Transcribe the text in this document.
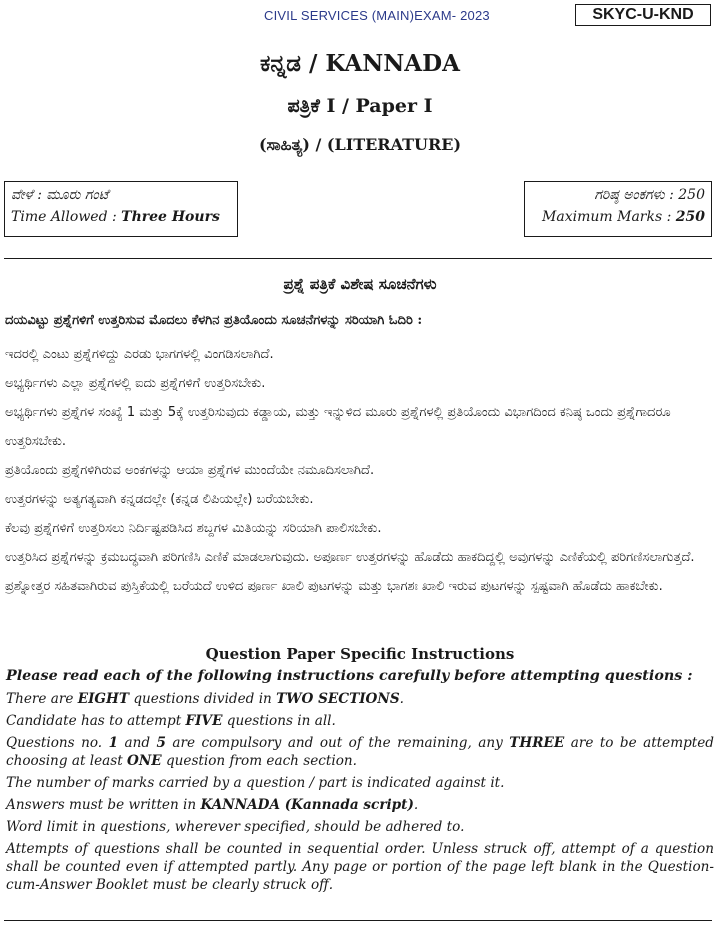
CIVIL SERVICES (MAIN)EXAM- 2023	SKYC-U-KND
ಕನ್ನಡ / KANNADA
ಪತ್ರಿಕೆ I / Paper I
(ಸಾಹಿತ್ಯ) / (LITERATURE)
ವೇಳೆ : ಮೂರು ಗಂಟೆ
Time Allowed : Three Hours
ಗರಿಷ್ಠ ಅಂಕಗಳು : 250
Maximum Marks : 250
ಪ್ರಶ್ನೆ ಪತ್ರಿಕೆ ವಿಶೇಷ ಸೂಚನೆಗಳು
ದಯವಿಟ್ಟು ಪ್ರಶ್ನೆಗಳಿಗೆ ಉತ್ತರಿಸುವ ಮೊದಲು ಕೆಳಗಿನ ಪ್ರತಿಯೊಂದು ಸೂಚನೆಗಳನ್ನು ಸರಿಯಾಗಿ ಓದಿರಿ :

ಇದರಲ್ಲಿ ಎಂಟು ಪ್ರಶ್ನೆಗಳಿದ್ದು ಎರಡು ಭಾಗಗಳಲ್ಲಿ ವಿಂಗಡಿಸಲಾಗಿದೆ.

ಅಭ್ಯರ್ಥಿಗಳು ಎಲ್ಲಾ ಪ್ರಶ್ನೆಗಳಲ್ಲಿ ಐದು ಪ್ರಶ್ನೆಗಳಿಗೆ ಉತ್ತರಿಸಬೇಕು.

ಅಭ್ಯರ್ಥಿಗಳು ಪ್ರಶ್ನೆಗಳ ಸಂಖ್ಯೆ 1 ಮತ್ತು 5ಕ್ಕೆ ಉತ್ತರಿಸುವುದು ಕಡ್ಡಾಯ, ಮತ್ತು ಇನ್ನುಳಿದ ಮೂರು ಪ್ರಶ್ನೆಗಳಲ್ಲಿ ಪ್ರತಿಯೊಂದು ವಿಭಾಗದಿಂದ ಕನಿಷ್ಠ ಒಂದು ಪ್ರಶ್ನೆಗಾದರೂ ಉತ್ತರಿಸಬೇಕು.

ಪ್ರತಿಯೊಂದು ಪ್ರಶ್ನೆಗಳಿಗಿರುವ ಅಂಕಗಳನ್ನು ಆಯಾ ಪ್ರಶ್ನೆಗಳ ಮುಂದೆಯೇ ನಮೂದಿಸಲಾಗಿದೆ.

ಉತ್ತರಗಳನ್ನು ಅತ್ಯಗತ್ಯವಾಗಿ ಕನ್ನಡದಲ್ಲೇ (ಕನ್ನಡ ಲಿಪಿಯಲ್ಲೇ) ಬರೆಯಬೇಕು.

ಕೆಲವು ಪ್ರಶ್ನೆಗಳಿಗೆ ಉತ್ತರಿಸಲು ನಿರ್ದಿಷ್ಟಪಡಿಸಿದ ಶಬ್ದಗಳ ಮಿತಿಯನ್ನು ಸರಿಯಾಗಿ ಪಾಲಿಸಬೇಕು.

ಉತ್ತರಿಸಿದ ಪ್ರಶ್ನೆಗಳನ್ನು ಕ್ರಮಬದ್ಧವಾಗಿ ಪರಿಗಣಿಸಿ ಎಣಿಕೆ ಮಾಡಲಾಗುವುದು. ಅಪೂರ್ಣ ಉತ್ತರಗಳನ್ನು ಹೊಡೆದು ಹಾಕದಿದ್ದಲ್ಲಿ ಅವುಗಳನ್ನು ಎಣಿಕೆಯಲ್ಲಿ ಪರಿಗಣಿಸಲಾಗುತ್ತದೆ. ಪ್ರಶ್ನೋತ್ತರ ಸಹಿತವಾಗಿರುವ ಪುಸ್ತಿಕೆಯಲ್ಲಿ ಬರೆಯದೆ ಉಳಿದ ಪೂರ್ಣ ಖಾಲಿ ಪುಟಗಳನ್ನು ಮತ್ತು ಭಾಗಶಃ ಖಾಲಿ ಇರುವ ಪುಟಗಳನ್ನು ಸ್ಪಷ್ಟವಾಗಿ ಹೊಡೆದು ಹಾಕಬೇಕು.

Question Paper Specific Instructions
Please read each of the following instructions carefully before attempting questions :

There are EIGHT questions divided in TWO SECTIONS.

Candidate has to attempt FIVE questions in all.

Questions no. 1 and 5 are compulsory and out of the remaining, any THREE are to be attempted choosing at least ONE question from each section.

The number of marks carried by a question / part is indicated against it.

Answers must be written in KANNADA (Kannada script).

Word limit in questions, wherever specified, should be adhered to.

Attempts of questions shall be counted in sequential order. Unless struck off, attempt of a question shall be counted even if attempted partly. Any page or portion of the page left blank in the Question-cum-Answer Booklet must be clearly struck off.
